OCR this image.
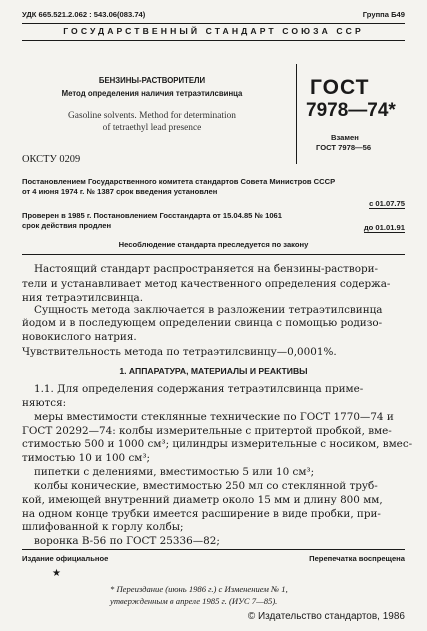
УДК 665.521.2.062 : 543.06(083.74)	Группа Б49
ГОСУДАРСТВЕННЫЙ СТАНДАРТ СОЮЗА ССР
БЕНЗИНЫ-РАСТВОРИТЕЛИ
Метод определения наличия тетраэтилсвинца
Gasoline solvents. Method for determination
of tetraethyl lead presence
ГОСТ
7978—74*
Взамен
ГОСТ 7978—56
ОКСТУ 0209
Постановлением Государственного комитета стандартов Совета Министров СССР
от 4 июня 1974 г. № 1387 срок введения установлен
с 01.07.75
Проверен в 1985 г. Постановлением Госстандарта от 15.04.85 № 1061
срок действия продлен	до 01.01.91
Несоблюдение стандарта преследуется по закону
Настоящий стандарт распространяется на бензины-раствори-
тели и устанавливает метод качественного определения содержа-
ния тетраэтилсвинца.
Сущность метода заключается в разложении тетраэтилсвинца
йодом и в последующем определении свинца с помощью родизо-
новокислого натрия.
Чувствительность метода по тетраэтилсвинцу—0,0001%.
1. АППАРАТУРА, МАТЕРИАЛЫ И РЕАКТИВЫ
1.1. Для определения содержания тетраэтилсвинца приме-
няются:
меры вместимости стеклянные технические по ГОСТ 1770—74 и
ГОСТ 20292—74: колбы измерительные с притертой пробкой, вме-
стимостью 500 и 1000 см³; цилиндры измерительные с носиком, вмес-
тимостью 10 и 100 см³;
пипетки с делениями, вместимостью 5 или 10 см³;
колбы конические, вместимостью 250 мл со стеклянной труб-
кой, имеющей внутренний диаметр около 15 мм и длину 800 мм,
на одном конце трубки имеется расширение в виде пробки, при-
шлифованной к горлу колбы;
воронка В-56 по ГОСТ 25336—82;
Издание официальное	Перепечатка воспрещена
★
* Переиздание (июнь 1986 г.) с Изменением № 1,
утвержденным в апреле 1985 г. (ИУС 7—85).
© Издательство стандартов, 1986
